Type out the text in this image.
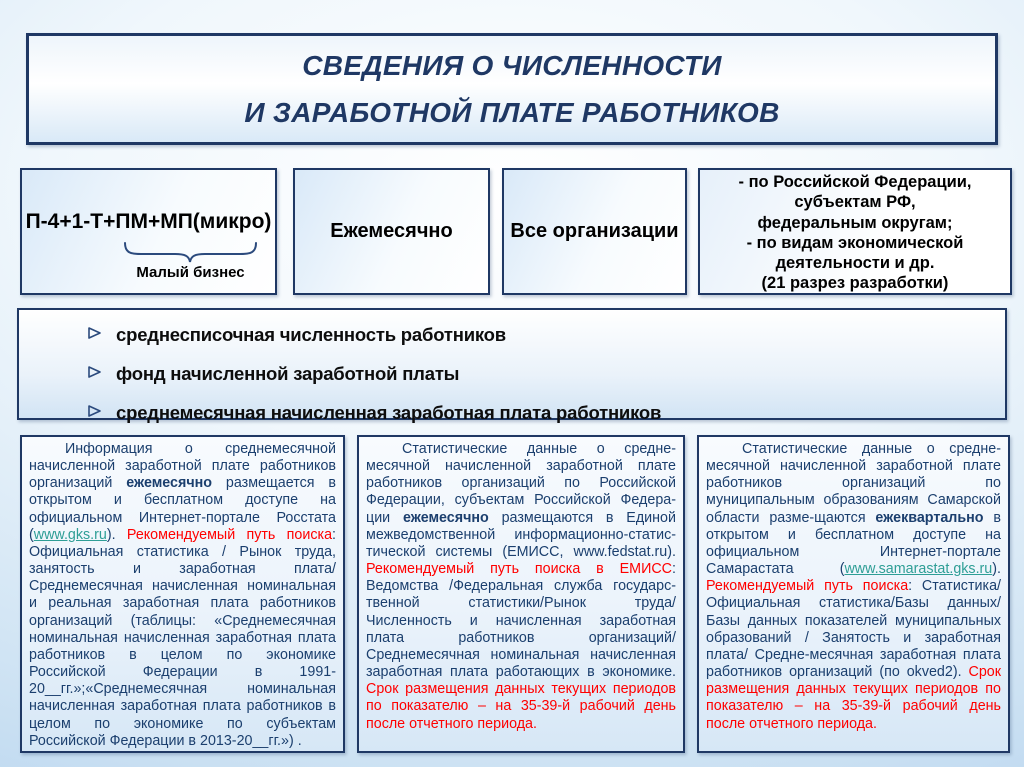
СВЕДЕНИЯ О ЧИСЛЕННОСТИ
И ЗАРАБОТНОЙ ПЛАТЕ РАБОТНИКОВ
П-4+1-Т+ПМ+МП(микро)
Малый бизнес
Ежемесячно	Все организации
- по Российской Федерации,
субъектам РФ,
федеральным округам;
- по видам экономической
деятельности и др.
(21 разрез разработки)
среднесписочная численность работников
фонд начисленной заработной платы
среднемесячная начисленная заработная плата работников

Информация о среднемесячной начисленной заработной плате работников организаций ежемесячно размещается в открытом и бесплатном доступе на официальном Интернет-портале Росстата (www.gks.ru). Рекомендуемый путь поиска: Официальная статистика / Рынок труда, занятость и заработная плата/ Среднемесячная начисленная номинальная и реальная заработная плата работников организаций (таблицы: «Среднемесячная номинальная начисленная заработная плата работников в целом по экономике Российской Федерации в 1991-20__гг.»;«Среднемесячная номинальная начисленная заработная плата работников в целом по экономике по субъектам Российской Федерации в 2013-20__гг.») .

Статистические данные о средне-месячной начисленной заработной плате работников организаций по Российской Федерации, субъектам Российской Федера-ции ежемесячно размещаются в Единой межведомственной информационно-статис-тической системы (ЕМИСС, www.fedstat.ru). Рекомендуемый путь поиска в ЕМИСС: Ведомства /Федеральная служба государс-твенной статистики/Рынок труда/ Численность и начисленная заработная плата работников организаций/ Среднемесячная номинальная начисленная заработная плата работающих в экономике. Срок размещения данных текущих периодов по показателю – на 35-39-й рабочий день после отчетного периода.

Статистические данные о средне-месячной начисленной заработной плате работников организаций по муниципальным образованиям Самарской области разме-щаются ежеквартально в открытом и бесплатном доступе на официальном Интернет-портале Самарастата (www.samarastat.gks.ru). Рекомендуемый путь поиска: Статистика/Официальная статистика/Базы данных/ Базы данных показателей муниципальных образований / Занятость и заработная плата/ Средне-месячная заработная плата работников организаций (по okved2). Срок размещения данных текущих периодов по показателю – на 35-39-й рабочий день после отчетного периода.
